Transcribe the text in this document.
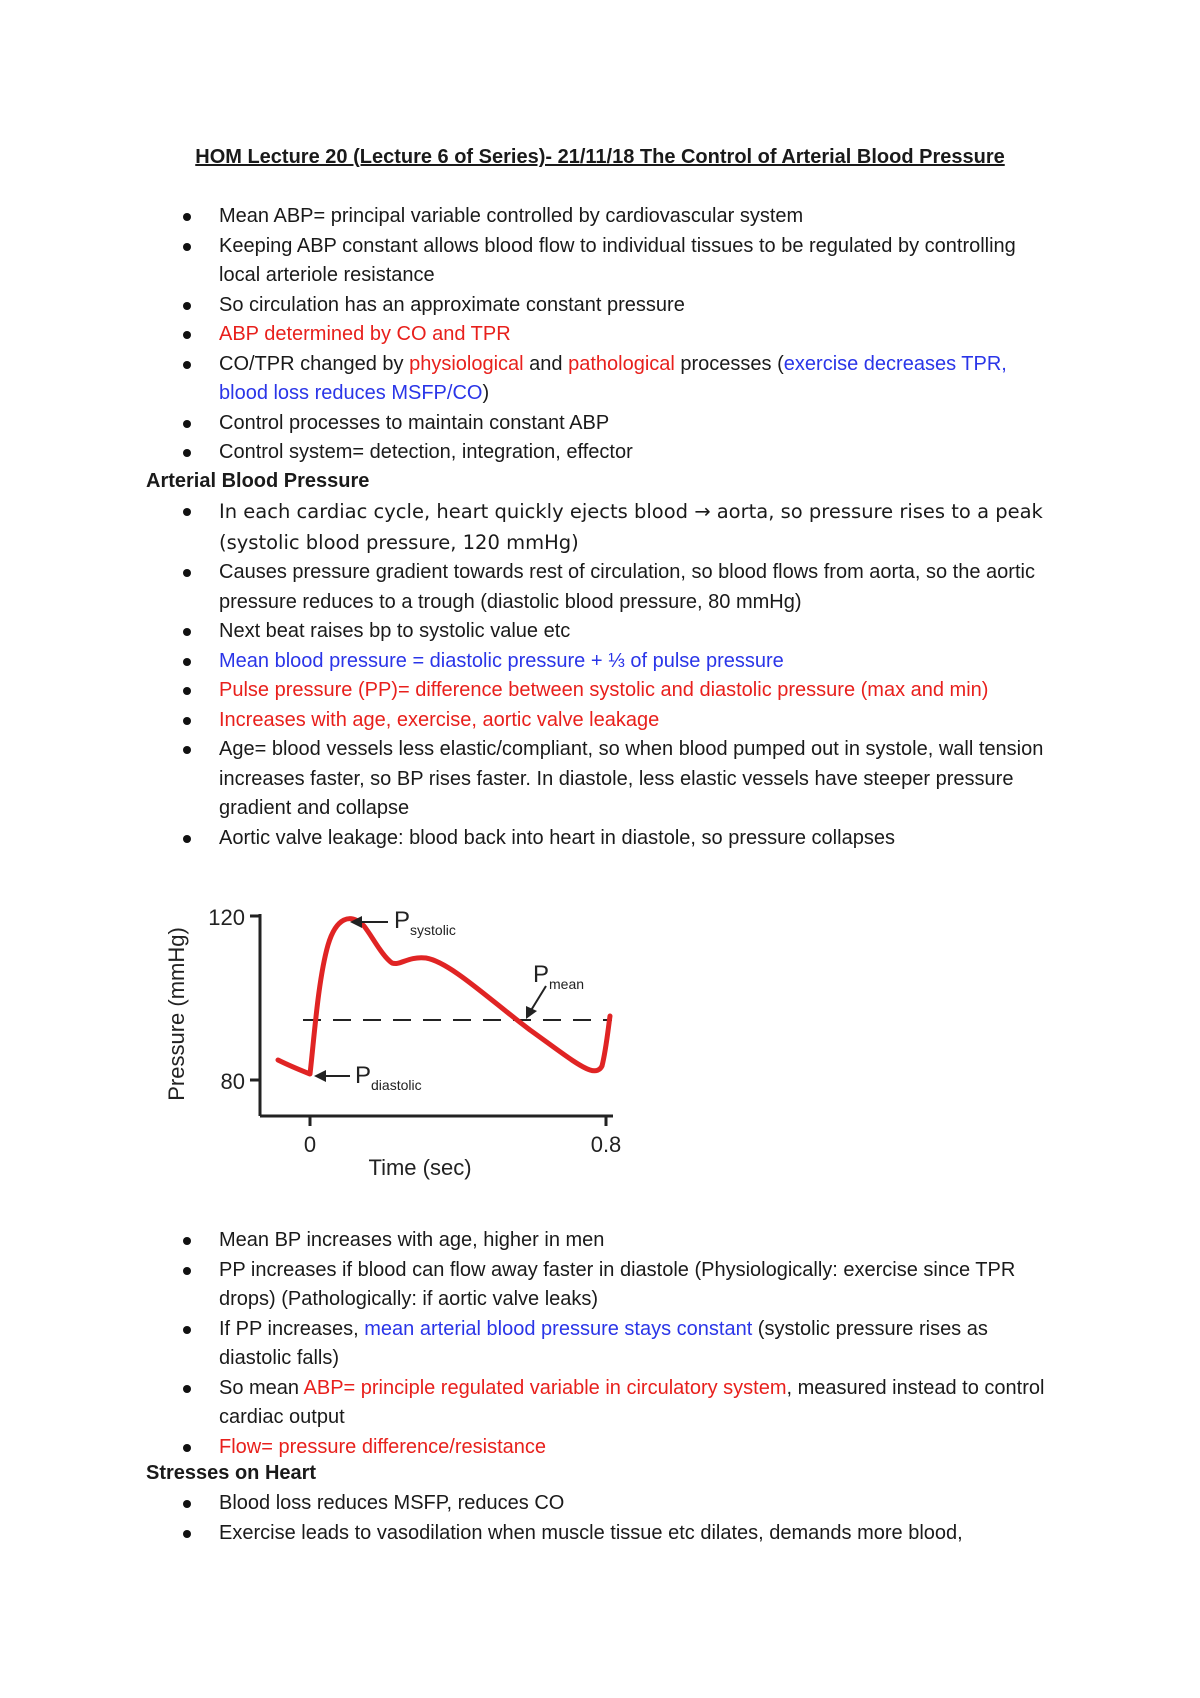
HOM Lecture 20 (Lecture 6 of Series)- 21/11/18 The Control of Arterial Blood Pressure
Mean ABP= principal variable controlled by cardiovascular system
Keeping ABP constant allows blood flow to individual tissues to be regulated by controlling local arteriole resistance
So circulation has an approximate constant pressure
ABP determined by CO and TPR
CO/TPR changed by physiological and pathological processes (exercise decreases TPR, blood loss reduces MSFP/CO)
Control processes to maintain constant ABP
Control system= detection, integration, effector
Arterial Blood Pressure
In each cardiac cycle, heart quickly ejects blood → aorta, so pressure rises to a peak (systolic blood pressure, 120 mmHg)
Causes pressure gradient towards rest of circulation, so blood flows from aorta, so the aortic pressure reduces to a trough (diastolic blood pressure, 80 mmHg)
Next beat raises bp to systolic value etc
Mean blood pressure = diastolic pressure + ⅓ of pulse pressure
Pulse pressure (PP)= difference between systolic and diastolic pressure (max and min)
Increases with age, exercise, aortic valve leakage
Age= blood vessels less elastic/compliant, so when blood pumped out in systole, wall tension increases faster, so BP rises faster. In diastole, less elastic vessels have steeper pressure gradient and collapse
Aortic valve leakage: blood back into heart in diastole, so pressure collapses
120
80
0	0.8
Pressure (mmHg)
Time (sec)
Psystolic
Pmean
Pdiastolic
Mean BP increases with age, higher in men
PP increases if blood can flow away faster in diastole (Physiologically: exercise since TPR drops) (Pathologically: if aortic valve leaks)
If PP increases, mean arterial blood pressure stays constant (systolic pressure rises as diastolic falls)
So mean ABP= principle regulated variable in circulatory system, measured instead to control cardiac output
Flow= pressure difference/resistance
Stresses on Heart
Blood loss reduces MSFP, reduces CO
Exercise leads to vasodilation when muscle tissue etc dilates, demands more blood,
